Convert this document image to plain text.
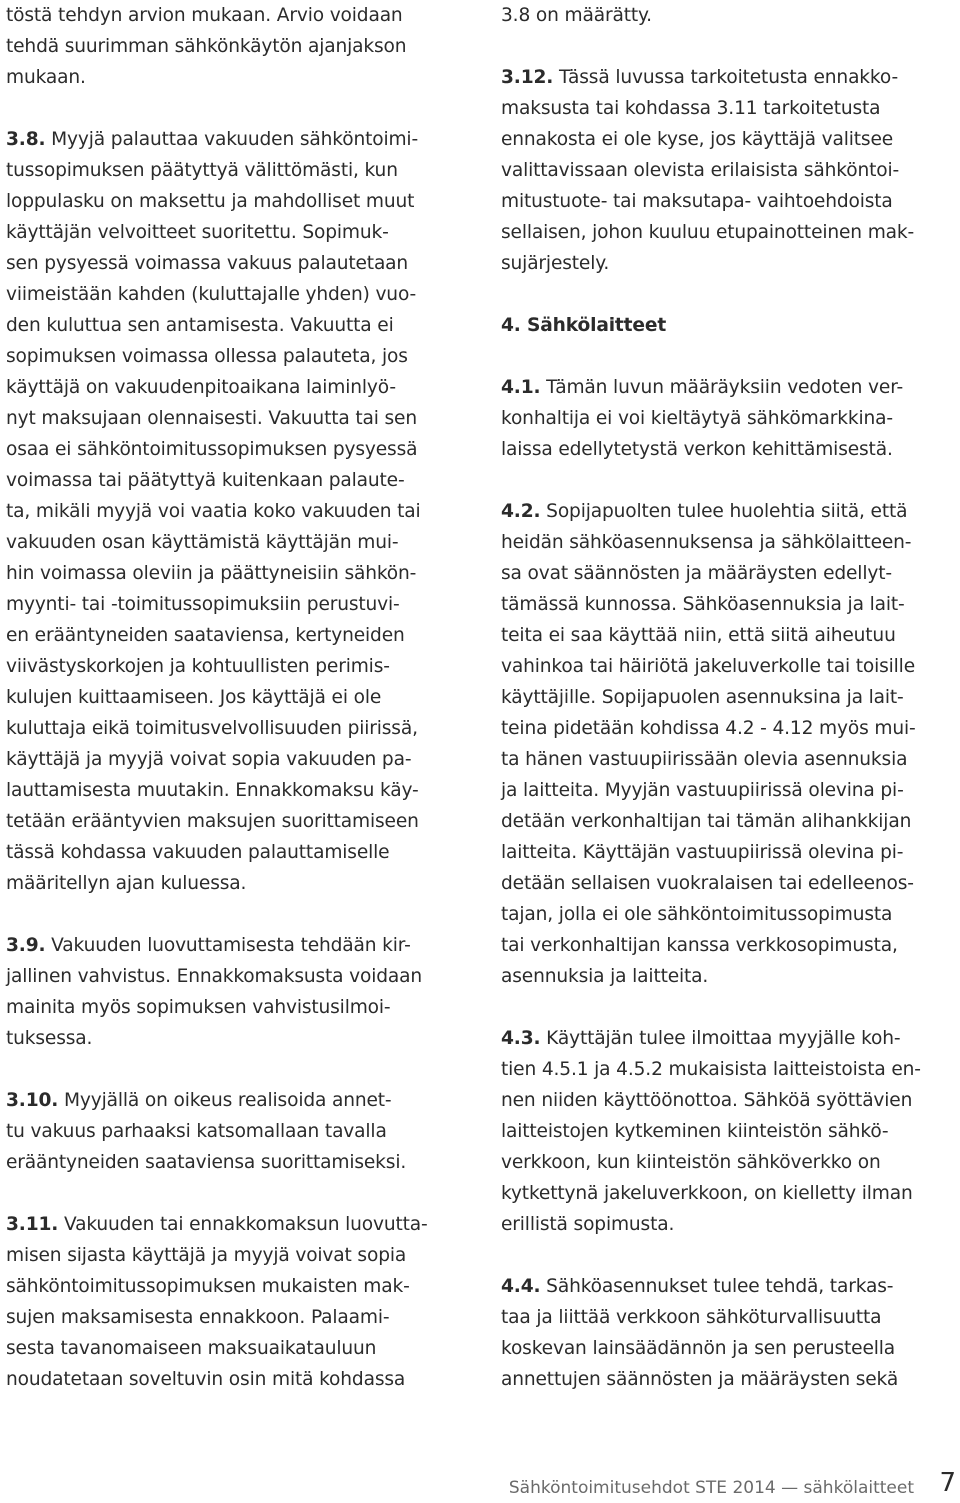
töstä tehdyn arvion mukaan. Arvio voidaan
tehdä suurimman sähkönkäytön ajanjakson
mukaan.
3.8. Myyjä palauttaa vakuuden sähköntoimi-
tussopimuksen päätyttyä välittömästi, kun
loppulasku on maksettu ja mahdolliset muut
käyttäjän velvoitteet suoritettu. Sopimuk-
sen pysyessä voimassa vakuus palautetaan
viimeistään kahden (kuluttajalle yhden) vuo-
den kuluttua sen antamisesta. Vakuutta ei
sopimuksen voimassa ollessa palauteta, jos
käyttäjä on vakuudenpitoaikana laiminlyö-
nyt maksujaan olennaisesti. Vakuutta tai sen
osaa ei sähköntoimitussopimuksen pysyessä
voimassa tai päätyttyä kuitenkaan palaute-
ta, mikäli myyjä voi vaatia koko vakuuden tai
vakuuden osan käyttämistä käyttäjän mui-
hin voimassa oleviin ja päättyneisiin sähkön-
myynti- tai -toimitussopimuksiin perustuvi-
en erääntyneiden saataviensa, kertyneiden
viivästyskorkojen ja kohtuullisten perimis-
kulujen kuittaamiseen. Jos käyttäjä ei ole
kuluttaja eikä toimitusvelvollisuuden piirissä,
käyttäjä ja myyjä voivat sopia vakuuden pa-
lauttamisesta muutakin. Ennakkomaksu käy-
tetään erääntyvien maksujen suorittamiseen
tässä kohdassa vakuuden palauttamiselle
määritellyn ajan kuluessa.
3.9. Vakuuden luovuttamisesta tehdään kir-
jallinen vahvistus. Ennakkomaksusta voidaan
mainita myös sopimuksen vahvistusilmoi-
tuksessa.
3.10. Myyjällä on oikeus realisoida annet-
tu vakuus parhaaksi katsomallaan tavalla
erääntyneiden saataviensa suorittamiseksi.
3.11. Vakuuden tai ennakkomaksun luovutta-
misen sijasta käyttäjä ja myyjä voivat sopia
sähköntoimitussopimuksen mukaisten mak-
sujen maksamisesta ennakkoon. Palaami-
sesta tavanomaiseen maksuaikatauluun
noudatetaan soveltuvin osin mitä kohdassa
3.8 on määrätty.
3.12. Tässä luvussa tarkoitetusta ennakko-
maksusta tai kohdassa 3.11 tarkoitetusta
ennakosta ei ole kyse, jos käyttäjä valitsee
valittavissaan olevista erilaisista sähköntoi-
mitustuote- tai maksutapa- vaihtoehdoista
sellaisen, johon kuuluu etupainotteinen mak-
sujärjestely.
4. Sähkölaitteet
4.1. Tämän luvun määräyksiin vedoten ver-
konhaltija ei voi kieltäytyä sähkömarkkina-
laissa edellytetystä verkon kehittämisestä.
4.2. Sopijapuolten tulee huolehtia siitä, että
heidän sähköasennuksensa ja sähkölaitteen-
sa ovat säännösten ja määräysten edellyt-
tämässä kunnossa. Sähköasennuksia ja lait-
teita ei saa käyttää niin, että siitä aiheutuu
vahinkoa tai häiriötä jakeluverkolle tai toisille
käyttäjille. Sopijapuolen asennuksina ja lait-
teina pidetään kohdissa 4.2 - 4.12 myös mui-
ta hänen vastuupiirissään olevia asennuksia
ja laitteita. Myyjän vastuupiirissä olevina pi-
detään verkonhaltijan tai tämän alihankkijan
laitteita. Käyttäjän vastuupiirissä olevina pi-
detään sellaisen vuokralaisen tai edelleenos-
tajan, jolla ei ole sähköntoimitussopimusta
tai verkonhaltijan kanssa verkkosopimusta,
asennuksia ja laitteita.
4.3. Käyttäjän tulee ilmoittaa myyjälle koh-
tien 4.5.1 ja 4.5.2 mukaisista laitteistoista en-
nen niiden käyttöönottoa. Sähköä syöttävien
laitteistojen kytkeminen kiinteistön sähkö-
verkkoon, kun kiinteistön sähköverkko on
kytkettynä jakeluverkkoon, on kielletty ilman
erillistä sopimusta.
4.4. Sähköasennukset tulee tehdä, tarkas-
taa ja liittää verkkoon sähköturvallisuutta
koskevan lainsäädännön ja sen perusteella
annettujen säännösten ja määräysten sekä
Sähköntoimitusehdot STE 2014 — sähkölaitteet 7
